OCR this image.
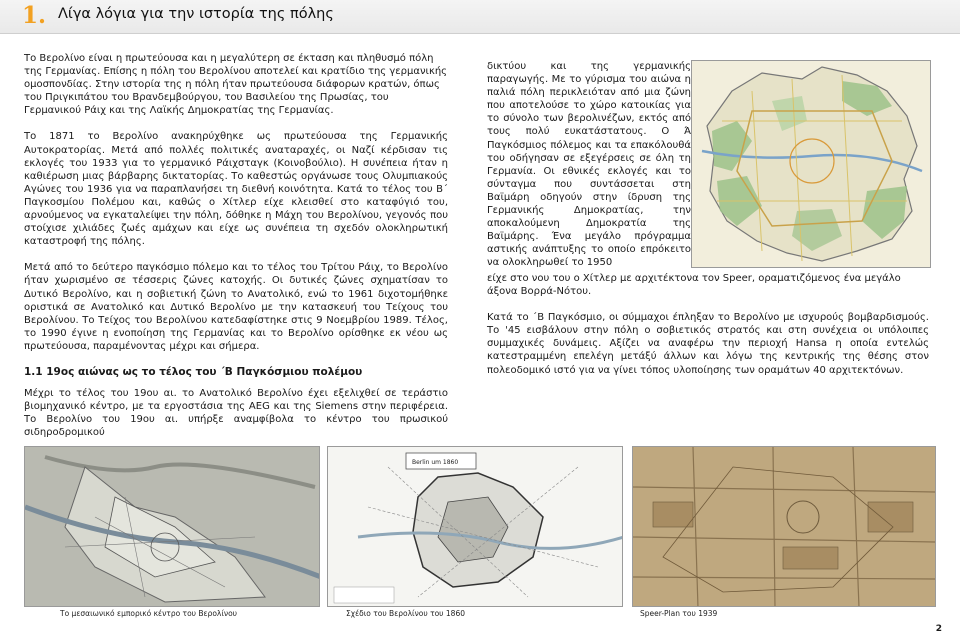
1. Λίγα λόγια για την ιστορία της πόλης

Το Βερολίνο είναι η πρωτεύουσα και η μεγαλύτερη σε έκταση και πληθυσμό πόλη της Γερμανίας. Επίσης η πόλη του Βερολίνου αποτελεί και κρατίδιο της γερμανικής ομοσπονδίας. Στην ιστορία της η πόλη ήταν πρωτεύουσα διάφορων κρατών, όπως του Πριγκιπάτου του Βρανδεμβούργου, του Βασιλείου της Πρωσίας, του Γερμανικού Ράιχ και της Λαϊκής Δημοκρατίας της Γερμανίας.

Το 1871 το Βερολίνο ανακηρύχθηκε ως πρωτεύουσα της Γερμανικής Αυτοκρατορίας. Μετά από πολλές πολιτικές αναταραχές, οι Ναζί κέρδισαν τις εκλογές του 1933 για το γερμανικό Ράιχσταγκ (Κοινοβούλιο). Η συνέπεια ήταν η καθιέρωση μιας βάρβαρης δικτατορίας. Το καθεστώς οργάνωσε τους Ολυμπιακούς Αγώνες του 1936 για να παραπλανήσει τη διεθνή κοινότητα. Κατά το τέλος του Β΄ Παγκοσμίου Πολέμου και, καθώς ο Χίτλερ είχε κλεισθεί στο καταφύγιό του, αρνούμενος να εγκαταλείψει την πόλη, δόθηκε η Μάχη του Βερολίνου, γεγονός που στοίχισε χιλιάδες ζωές αμάχων και είχε ως συνέπεια τη σχεδόν ολοκληρωτική καταστροφή της πόλης.

Μετά από το δεύτερο παγκόσμιο πόλεμο και το τέλος του Τρίτου Ράιχ, το Βερολίνο ήταν χωρισμένο σε τέσσερις ζώνες κατοχής. Οι δυτικές ζώνες σχηματίσαν το Δυτικό Βερολίνο, και η σοβιετική ζώνη το Ανατολικό, ενώ το 1961 διχοτομήθηκε οριστικά σε Ανατολικό και Δυτικό Βερολίνο με την κατασκευή του Τείχους του Βερολίνου. Το Τείχος του Βερολίνου κατεδαφίστηκε στις 9 Νοεμβρίου 1989. Τέλος, το 1990 έγινε η ενοποίηση της Γερμανίας και το Βερολίνο ορίσθηκε εκ νέου ως πρωτεύουσα, παραμένοντας μέχρι και σήμερα.

1.1 19ος αιώνας ως το τέλος του ΄Β Παγκόσμιου πολέμου

Μέχρι το τέλος του 19ου αι. το Ανατολικό Βερολίνο έχει εξελιχθεί σε τεράστιο βιομηχανικό κέντρο, με τα εργοστάσια της AEG και της Siemens στην περιφέρεια. Το Βερολίνο του 19ου αι. υπήρξε αναμφίβολα το κέντρο του πρωσικού σιδηροδρομικού

δικτύου και της γερμανικής παραγωγής. Με το γύρισμα του αιώνα η παλιά πόλη περικλειόταν από μια ζώνη που αποτελούσε το χώρο κατοικίας για το σύνολο των βερολινέζων, εκτός από τους πολύ ευκατάστατους. Ο Ά Παγκόσμιος πόλεμος και τα επακόλουθά του οδήγησαν σε εξεγέρσεις σε όλη τη Γερμανία. Οι εθνικές εκλογές και το σύνταγμα που συντάσσεται στη Βαϊμάρη οδηγούν στην ίδρυση της Γερμανικής Δημοκρατίας, την αποκαλούμενη Δημοκρατία της Βαϊμάρης. Ένα μεγάλο πρόγραμμα αστικής ανάπτυξης το οποίο επρόκειτο να ολοκληρωθεί το 1950

είχε στο νου του ο Χίτλερ με αρχιτέκτονα τον Speer, οραματιζόμενος ένα μεγάλο άξονα Βορρά-Νότου.

Κατά το ΄Β Παγκόσμιο, οι σύμμαχοι έπληξαν το Βερολίνο με ισχυρούς βομβαρδισμούς. Το '45 εισβάλουν στην πόλη ο σοβιετικός στρατός και στη συνέχεια οι υπόλοιπες συμμαχικές δυνάμεις. Αξίζει να αναφέρω την περιοχή Hansa η οποία εντελώς κατεστραμμένη επελέγη μετάξύ άλλων και λόγω της κεντρικής της θέσης στον πολεοδομικό ιστό για να γίνει τόπος υλοποίησης των οραμάτων 40 αρχιτεκτόνων.

Berlin um 1860
Το μεσαιωνικό εμπορικό κέντρο του Βερολίνου	Σχέδιο του Βερολίνου του 1860	Speer-Plan του 1939
2
